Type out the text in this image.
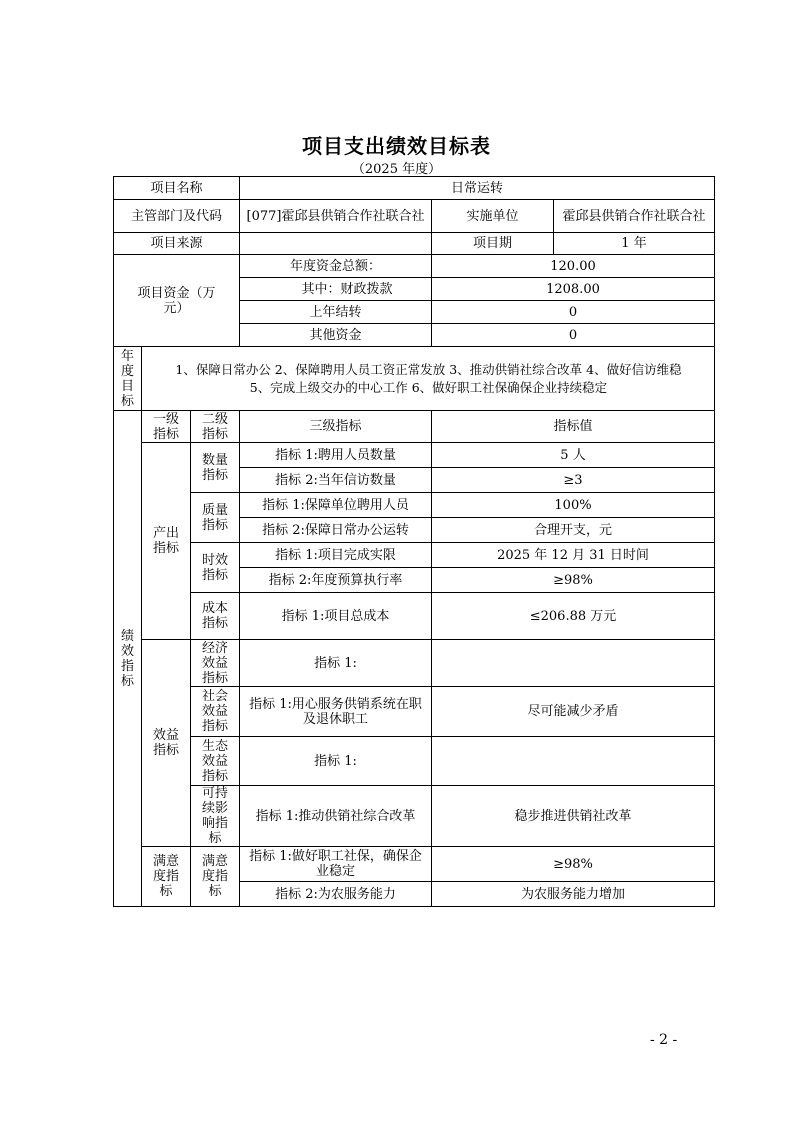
项目支出绩效目标表
（2025 年度）
项目名称			日常运转		
主管部门及代码			[077]霍邱县供销合作社联合社	实施单位	霍邱县供销合作社联合社
项目来源				项目期	1 年
项目资金（万元）			年度资金总额：	120.00	
			其中：财政拨款	1208.00	
			上年结转	0	
			其他资金	0	
年度目标	1、保障日常办公 2、保障聘用人员工资正常发放 3、推动供销社综合改革 4、做好信访维稳
5、完成上级交办的中心工作 6、做好职工社保确保企业持续稳定				

绩效指标	一级指标	二级指标	三级指标	指标值	
	产出指标	数量指标	指标 1:聘用人员数量	5 人	
			指标 2:当年信访数量	≥3	
		质量指标	指标 1:保障单位聘用人员	100%	
			指标 2:保障日常办公运转	合理开支，元	
		时效指标	指标 1:项目完成实限	2025 年 12 月 31 日时间	
			指标 2:年度预算执行率	≥98%	
		成本指标	指标 1:项目总成本	≤206.88 万元	
	效益指标	经济效益指标	指标 1:		
		社会效益指标	指标 1:用心服务供销系统在职及退休职工	尽可能减少矛盾	
		生态效益指标	指标 1:		
		可持续影响指标	指标 1:推动供销社综合改革	稳步推进供销社改革	
	满意度指标	满意度指标	指标 1:做好职工社保，确保企业稳定	≥98%	
			指标 2:为农服务能力	为农服务能力增加	
- 2 -
